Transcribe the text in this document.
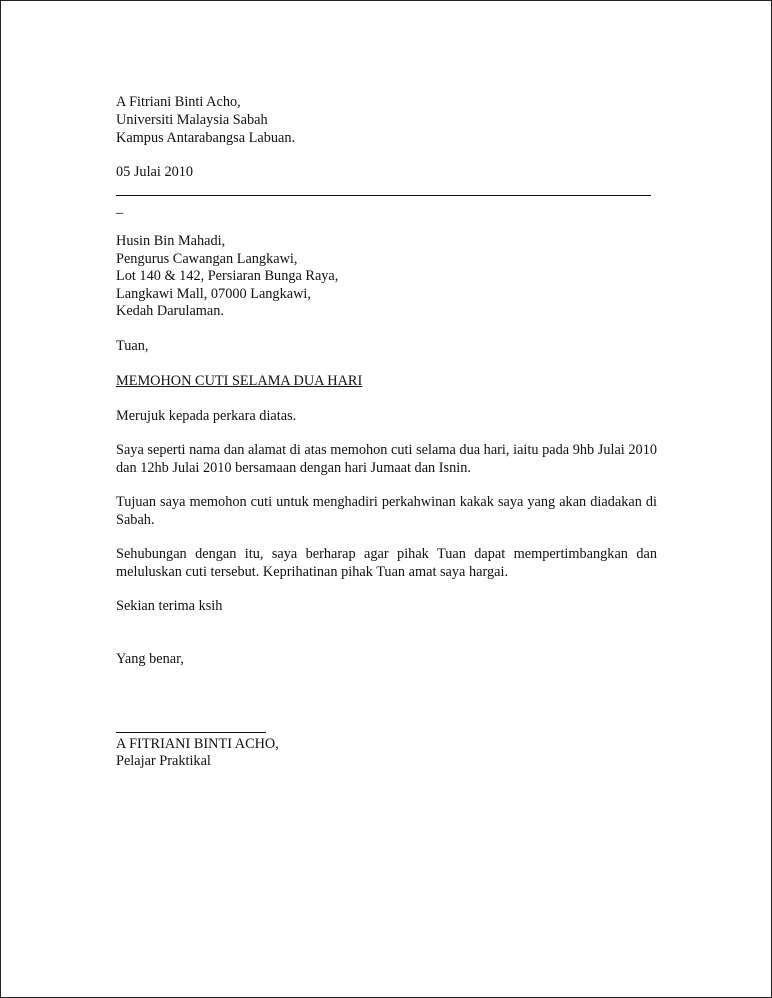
A Fitriani Binti Acho,
Universiti Malaysia Sabah
Kampus Antarabangsa Labuan.
05 Julai 2010
_
Husin Bin Mahadi,
Pengurus Cawangan Langkawi,
Lot 140 & 142, Persiaran Bunga Raya,
Langkawi Mall, 07000 Langkawi,
Kedah Darulaman.
Tuan,
MEMOHON CUTI SELAMA DUA HARI
Merujuk kepada perkara diatas.
Saya seperti nama dan alamat di atas memohon cuti selama dua hari, iaitu pada 9hb Julai 2010 dan 12hb Julai 2010 bersamaan dengan hari Jumaat dan Isnin.
Tujuan saya memohon cuti untuk menghadiri perkahwinan kakak saya yang akan diadakan di Sabah.
Sehubungan dengan itu, saya berharap agar pihak Tuan dapat mempertimbangkan dan meluluskan cuti tersebut. Keprihatinan pihak Tuan amat saya hargai.
Sekian terima ksih
Yang benar,
A FITRIANI BINTI ACHO,
Pelajar Praktikal
